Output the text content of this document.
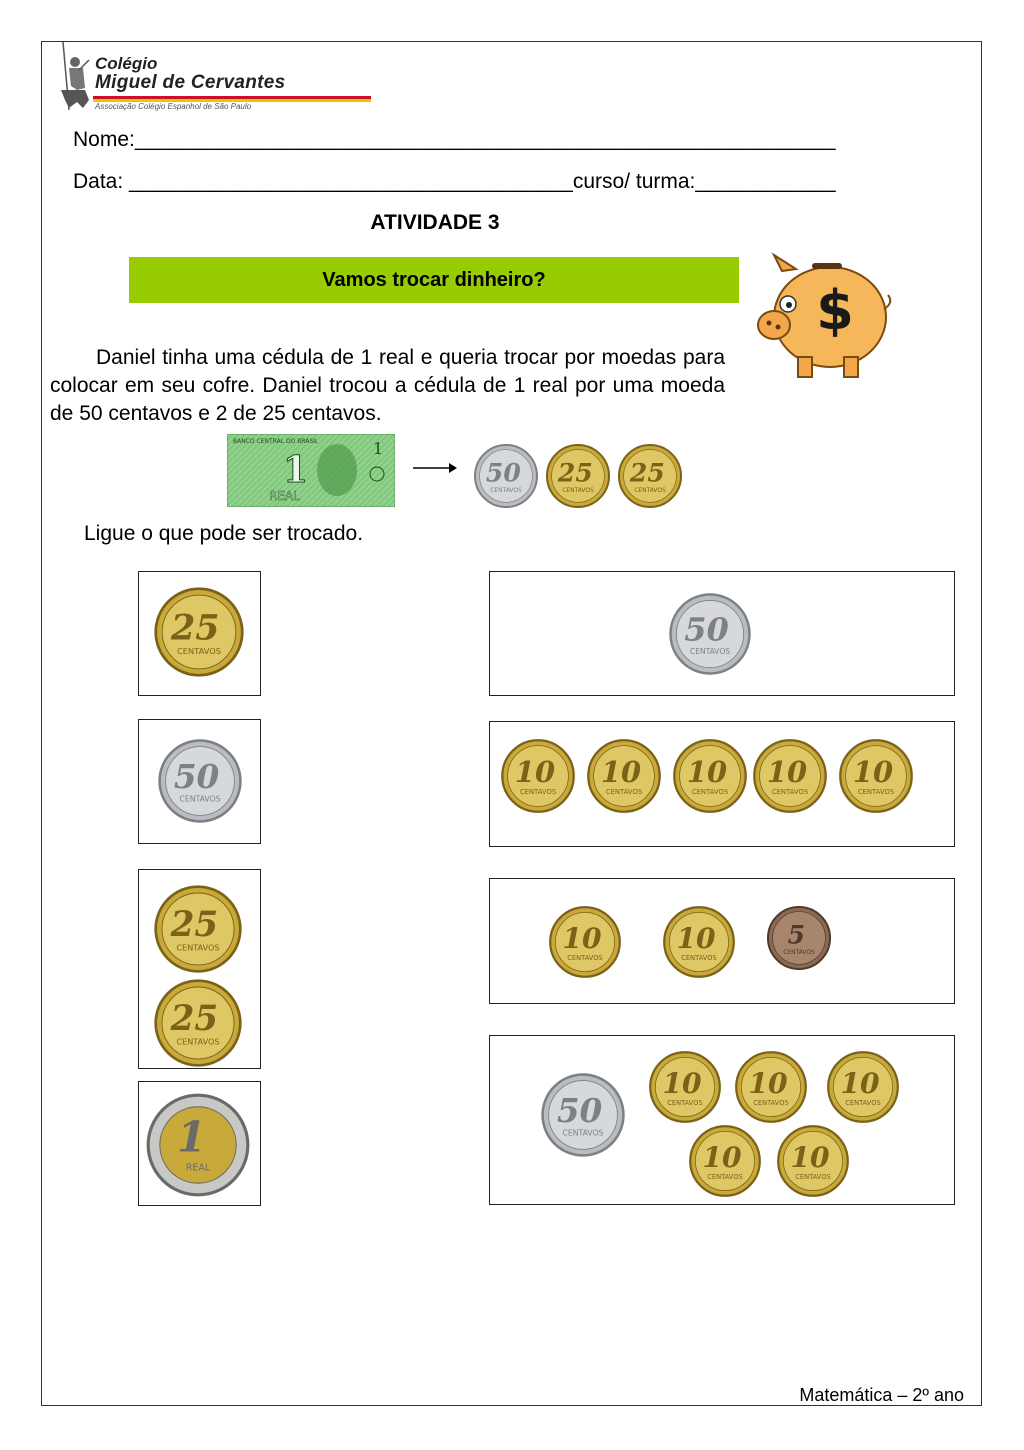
Colégio
Miguel de Cervantes
Associação Colégio Espanhol de São Paulo
Nome:____________________________________________________________
Data: ______________________________________curso/ turma:____________
ATIVIDADE 3
Vamos trocar dinheiro?	$
Daniel tinha uma cédula de 1 real e queria trocar por moedas para colocar em seu cofre. Daniel trocou a cédula de 1 real por uma moeda de 50 centavos e 2 de 25 centavos.
BANCO CENTRAL DO BRASIL
1
REAL
1
50
CENTAVOS
25
CENTAVOS
25
CENTAVOS
Ligue o que pode ser trocado.
25
CENTAVOS
50
CENTAVOS
25
CENTAVOS
25
CENTAVOS
1
REAL
50
CENTAVOS
10
CENTAVOS
10
CENTAVOS
10
CENTAVOS
10
CENTAVOS
10
CENTAVOS
10
CENTAVOS
10
CENTAVOS
5
CENTAVOS
50
CENTAVOS
10
CENTAVOS
10
CENTAVOS
10
CENTAVOS
10
CENTAVOS
10
CENTAVOS
Matemática – 2º ano
